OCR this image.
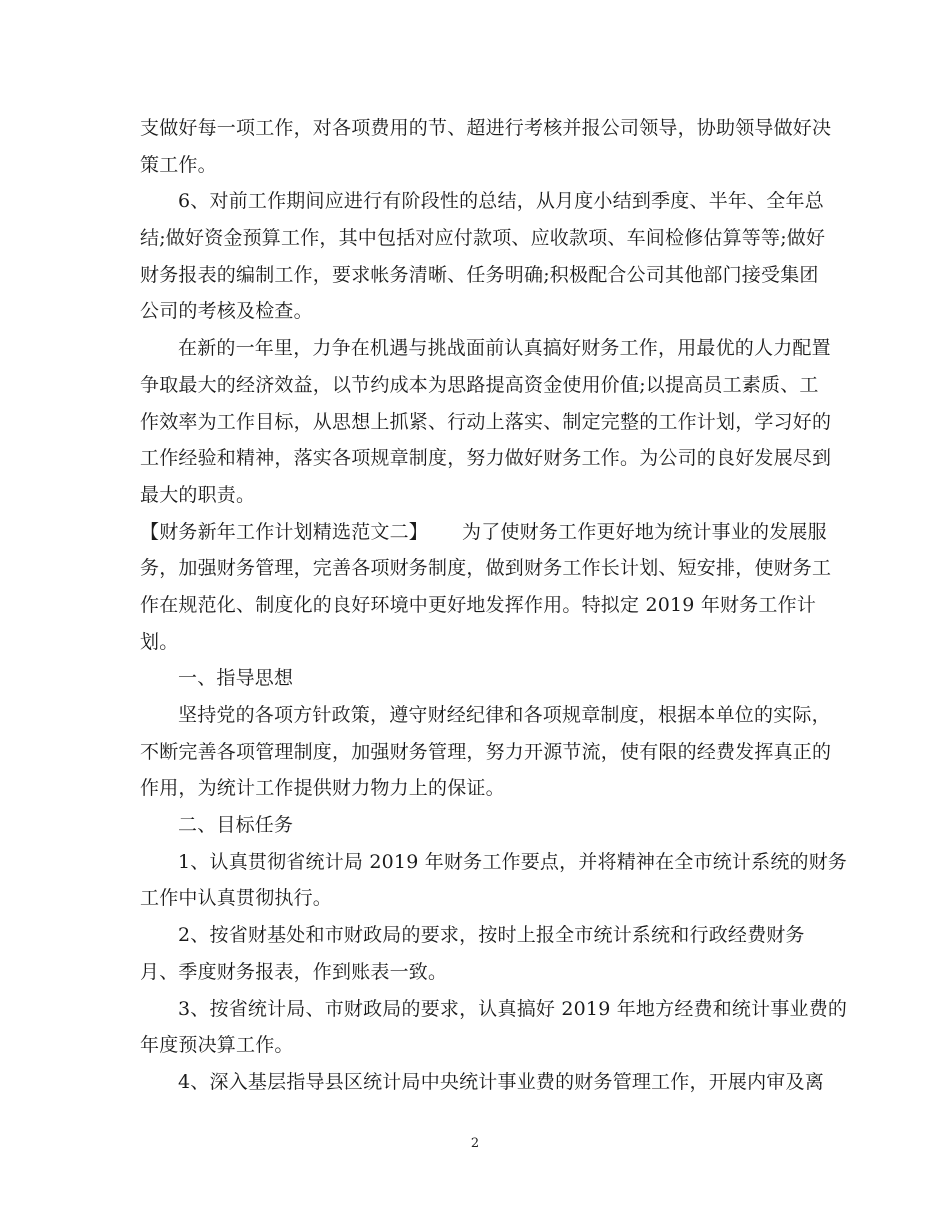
支做好每一项工作，对各项费用的节、超进行考核并报公司领导，协助领导做好决
策工作。
6、对前工作期间应进行有阶段性的总结，从月度小结到季度、半年、全年总
结;做好资金预算工作，其中包括对应付款项、应收款项、车间检修估算等等;做好
财务报表的编制工作，要求帐务清晰、任务明确;积极配合公司其他部门接受集团
公司的考核及检查。
在新的一年里，力争在机遇与挑战面前认真搞好财务工作，用最优的人力配置
争取最大的经济效益，以节约成本为思路提高资金使用价值;以提高员工素质、工
作效率为工作目标，从思想上抓紧、行动上落实、制定完整的工作计划，学习好的
工作经验和精神，落实各项规章制度，努力做好财务工作。为公司的良好发展尽到
最大的职责。
【财务新年工作计划精选范文二】 为了使财务工作更好地为统计事业的发展服
务，加强财务管理，完善各项财务制度，做到财务工作长计划、短安排，使财务工
作在规范化、制度化的良好环境中更好地发挥作用。特拟定 2019 年财务工作计
划。
一、指导思想
坚持党的各项方针政策，遵守财经纪律和各项规章制度，根据本单位的实际，
不断完善各项管理制度，加强财务管理，努力开源节流，使有限的经费发挥真正的
作用，为统计工作提供财力物力上的保证。
二、目标任务
1、认真贯彻省统计局 2019 年财务工作要点，并将精神在全市统计系统的财务
工作中认真贯彻执行。
2、按省财基处和市财政局的要求，按时上报全市统计系统和行政经费财务
月、季度财务报表，作到账表一致。
3、按省统计局、市财政局的要求，认真搞好 2019 年地方经费和统计事业费的
年度预决算工作。
4、深入基层指导县区统计局中央统计事业费的财务管理工作，开展内审及离
2
